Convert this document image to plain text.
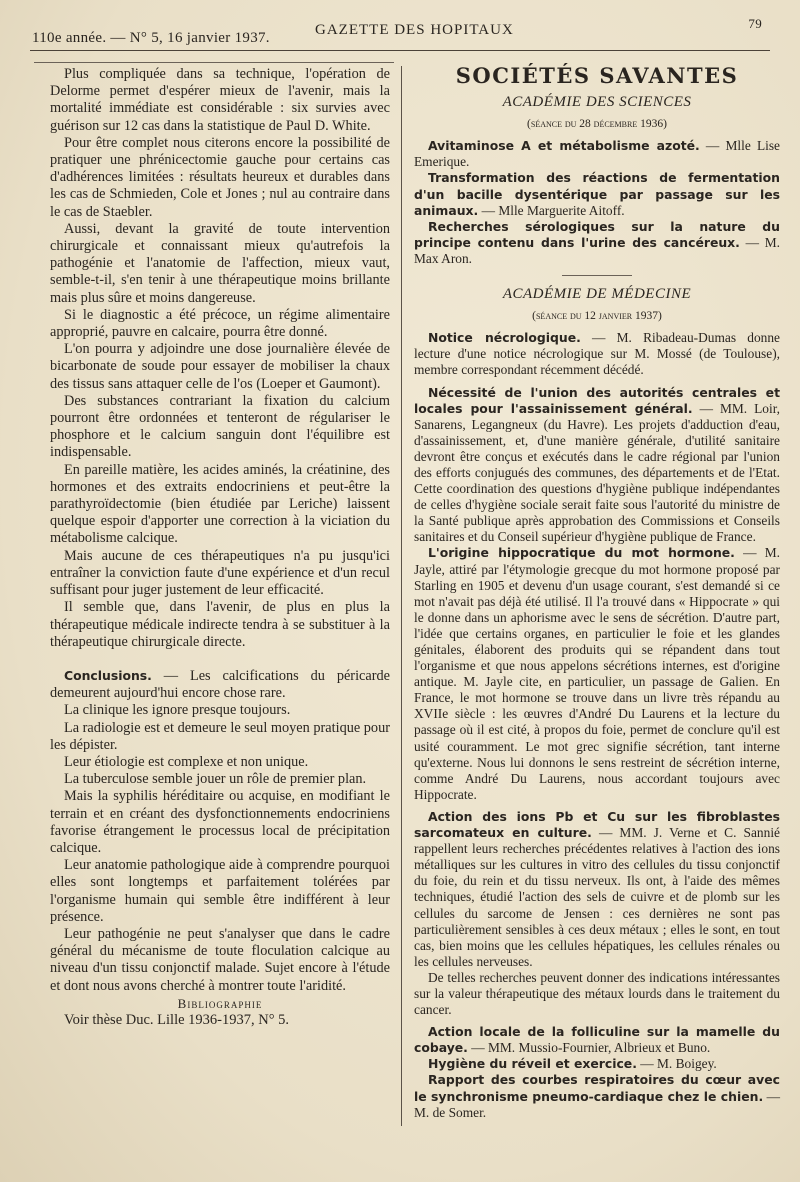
110e année. — N° 5, 16 janvier 1937.	GAZETTE DES HOPITAUX	79

Plus compliquée dans sa technique, l'opération de Delorme permet d'espérer mieux de l'avenir, mais la mortalité immédiate est considérable : six survies avec guérison sur 12 cas dans la statistique de Paul D. White.

Pour être complet nous citerons encore la possibilité de pratiquer une phrénicectomie gauche pour certains cas d'adhérences limitées : résultats heureux et durables dans les cas de Schmieden, Cole et Jones ; nul au contraire dans le cas de Staebler.

Aussi, devant la gravité de toute intervention chirurgicale et connaissant mieux qu'autrefois la pathogénie et l'anatomie de l'affection, mieux vaut, semble-t-il, s'en tenir à une thérapeutique moins brillante mais plus sûre et moins dangereuse.

Si le diagnostic a été précoce, un régime alimentaire approprié, pauvre en calcaire, pourra être donné.

L'on pourra y adjoindre une dose journalière élevée de bicarbonate de soude pour essayer de mobiliser la chaux des tissus sans attaquer celle de l'os (Loeper et Gaumont).

Des substances contrariant la fixation du calcium pourront être ordonnées et tenteront de régulariser le phosphore et le calcium sanguin dont l'équilibre est indispensable.

En pareille matière, les acides aminés, la créatinine, des hormones et des extraits endocriniens et peut-être la parathyroïdectomie (bien étudiée par Leriche) laissent quelque espoir d'apporter une correction à la viciation du métabolisme calcique.

Mais aucune de ces thérapeutiques n'a pu jusqu'ici entraîner la conviction faute d'une expérience et d'un recul suffisant pour juger justement de leur efficacité.

Il semble que, dans l'avenir, de plus en plus la thérapeutique médicale indirecte tendra à se substituer à la thérapeutique chirurgicale directe.

Conclusions. — Les calcifications du péricarde demeurent aujourd'hui encore chose rare.

La clinique les ignore presque toujours.

La radiologie est et demeure le seul moyen pratique pour les dépister.

Leur étiologie est complexe et non unique.

La tuberculose semble jouer un rôle de premier plan.

Mais la syphilis héréditaire ou acquise, en modifiant le terrain et en créant des dysfonctionnements endocriniens favorise étrangement le processus local de précipitation calcique.

Leur anatomie pathologique aide à comprendre pourquoi elles sont longtemps et parfaitement tolérées par l'organisme humain qui semble être indifférent à leur présence.

Leur pathogénie ne peut s'analyser que dans le cadre général du mécanisme de toute floculation calcique au niveau d'un tissu conjonctif malade. Sujet encore à l'étude et dont nous avons cherché à montrer toute l'aridité.

Bibliographie

Voir thèse Duc. Lille 1936-1937, N° 5.

SOCIÉTÉS SAVANTES
ACADÉMIE DES SCIENCES
(séance du 28 décembre 1936)

Avitaminose A et métabolisme azoté. — Mlle Lise Emerique.

Transformation des réactions de fermentation d'un bacille dysentérique par passage sur les animaux. — Mlle Marguerite Aitoff.

Recherches sérologiques sur la nature du principe contenu dans l'urine des cancéreux. — M. Max Aron.

ACADÉMIE DE MÉDECINE
(séance du 12 janvier 1937)

Notice nécrologique. — M. Ribadeau-Dumas donne lecture d'une notice nécrologique sur M. Mossé (de Toulouse), membre correspondant récemment décédé.

Nécessité de l'union des autorités centrales et locales pour l'assainissement général. — MM. Loir, Sanarens, Legangneux (du Havre). Les projets d'adduction d'eau, d'assainissement, et, d'une manière générale, d'utilité sanitaire devront être conçus et exécutés dans le cadre régional par l'union des efforts conjugués des communes, des départements et de l'Etat. Cette coordination des questions d'hygiène publique indépendantes de celles d'hygiène sociale serait faite sous l'autorité du ministre de la Santé publique après approbation des Commissions et Conseils sanitaires et du Conseil supérieur d'hygiène publique de France.

L'origine hippocratique du mot hormone. — M. Jayle, attiré par l'étymologie grecque du mot hormone proposé par Starling en 1905 et devenu d'un usage courant, s'est demandé si ce mot n'avait pas déjà été utilisé. Il l'a trouvé dans « Hippocrate » qui le donne dans un aphorisme avec le sens de sécrétion. D'autre part, l'idée que certains organes, en particulier le foie et les glandes génitales, élaborent des produits qui se répandent dans tout l'organisme et que nous appelons sécrétions internes, est d'origine antique. M. Jayle cite, en particulier, un passage de Galien. En France, le mot hormone se trouve dans un livre très répandu au XVIIe siècle : les œuvres d'André Du Laurens et la lecture du passage où il est cité, à propos du foie, permet de conclure qu'il est usité couramment. Le mot grec signifie sécrétion, tant interne qu'externe. Nous lui donnons le sens restreint de sécrétion interne, comme André Du Laurens, nous accordant toujours avec Hippocrate.

Action des ions Pb et Cu sur les fibroblastes sarcomateux en culture. — MM. J. Verne et C. Sannié rappellent leurs recherches précédentes relatives à l'action des ions métalliques sur les cultures in vitro des cellules du tissu conjonctif du foie, du rein et du tissu nerveux. Ils ont, à l'aide des mêmes techniques, étudié l'action des sels de cuivre et de plomb sur les cellules du sarcome de Jensen : ces dernières ne sont pas particulièrement sensibles à ces deux métaux ; elles le sont, en tout cas, bien moins que les cellules hépatiques, les cellules rénales ou les cellules nerveuses.

De telles recherches peuvent donner des indications intéressantes sur la valeur thérapeutique des métaux lourds dans le traitement du cancer.

Action locale de la folliculine sur la mamelle du cobaye. — MM. Mussio-Fournier, Albrieux et Buno.

Hygiène du réveil et exercice. — M. Boigey.

Rapport des courbes respiratoires du cœur avec le synchronisme pneumo-cardiaque chez le chien. — M. de Somer.
